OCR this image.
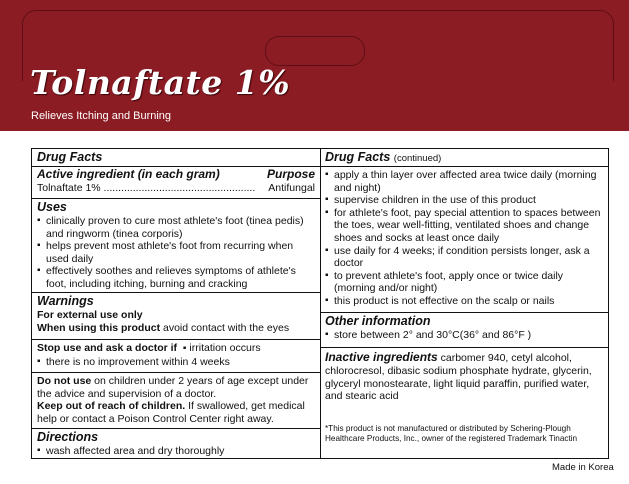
Tolnaftate 1%

Relieves Itching and Burning

Drug Facts
Active ingredient (in each gram)	Purpose
Tolnaftate 1% ....................................................	Antifungal
Uses
▪ clinically proven to cure most athlete's foot (tinea pedis) and ringworm (tinea corporis)
▪ helps prevent most athlete's foot from recurring when used daily
▪ effectively soothes and relieves symptoms of athlete's foot, including itching, burning and cracking
Warnings
For external use only
When using this product avoid contact with the eyes
Stop use and ask a doctor if  ▪ irritation occurs
▪ there is no improvement within 4 weeks
Do not use on children under 2 years of age except under the advice and supervision of a doctor.
Keep out of reach of children. If swallowed, get medical help or contact a Poison Control Center right away.
Directions
▪ wash affected area and dry thoroughly
Drug Facts (continued)
▪ apply a thin layer over affected area twice daily (morning and night)
▪ supervise children in the use of this product
▪ for athlete's foot, pay special attention to spaces between the toes, wear well-fitting, ventilated shoes and change shoes and socks at least once daily
▪ use daily for 4 weeks; if condition persists longer, ask a doctor
▪ to prevent athlete's foot, apply once or twice daily (morning and/or night)
▪ this product is not effective on the scalp or nails
Other information
▪ store between 2° and 30°C(36° and 86°F )
Inactive ingredients carbomer 940, cetyl alcohol, chlorocresol, dibasic sodium phosphate hydrate, glycerin, glyceryl monostearate, light liquid paraffin, purified water, and stearic acid
*This product is not manufactured or distributed by Schering-Plough Healthcare Products, Inc., owner of the registered Trademark Tinactin
Made in Korea
